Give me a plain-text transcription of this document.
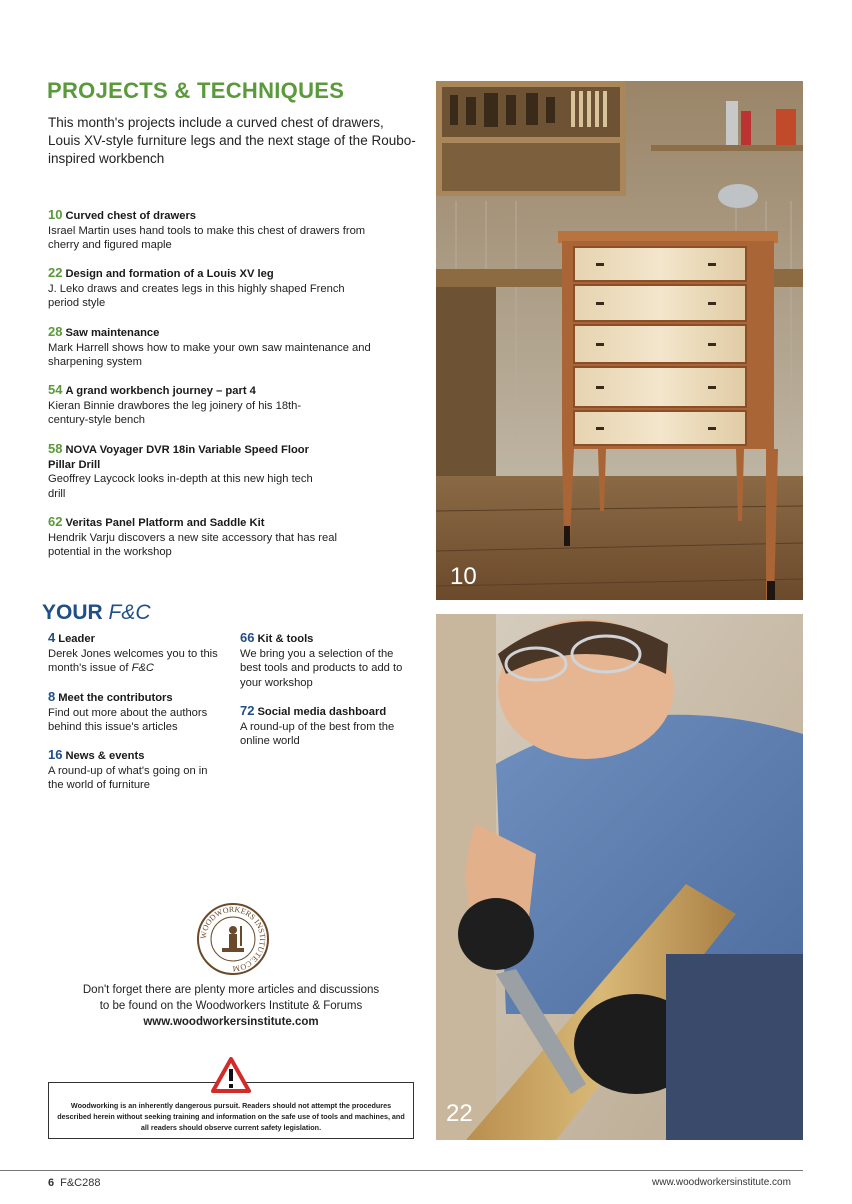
PROJECTS & TECHNIQUES
This month's projects include a curved chest of drawers, Louis XV-style furniture legs and the next stage of the Roubo-inspired workbench
10 Curved chest of drawers
Israel Martin uses hand tools to make this chest of drawers from cherry and figured maple
22 Design and formation of a Louis XV leg
J. Leko draws and creates legs in this highly shaped French period style
28 Saw maintenance
Mark Harrell shows how to make your own saw maintenance and sharpening system
54 A grand workbench journey – part 4
Kieran Binnie drawbores the leg joinery of his 18th-century-style bench
58 NOVA Voyager DVR 18in Variable Speed Floor Pillar Drill
Geoffrey Laycock looks in-depth at this new high tech drill
62 Veritas Panel Platform and Saddle Kit
Hendrik Varju discovers a new site accessory that has real potential in the workshop
YOUR F&C
4 Leader
Derek Jones welcomes you to this month's issue of F&C
8 Meet the contributors
Find out more about the authors behind this issue's articles
16 News & events
A round-up of what's going on in the world of furniture
66 Kit & tools
We bring you a selection of the best tools and products to add to your workshop
72 Social media dashboard
A round-up of the best from the online world
10
22
WOODWORKERS INSTITUTE.COM
Don't forget there are plenty more articles and discussions
to be found on the Woodworkers Institute & Forums
www.woodworkersinstitute.com
Woodworking is an inherently dangerous pursuit. Readers should not attempt the procedures described herein without seeking training and information on the safe use of tools and machines, and all readers should observe current safety legislation.
6 F&C288	www.woodworkersinstitute.com
